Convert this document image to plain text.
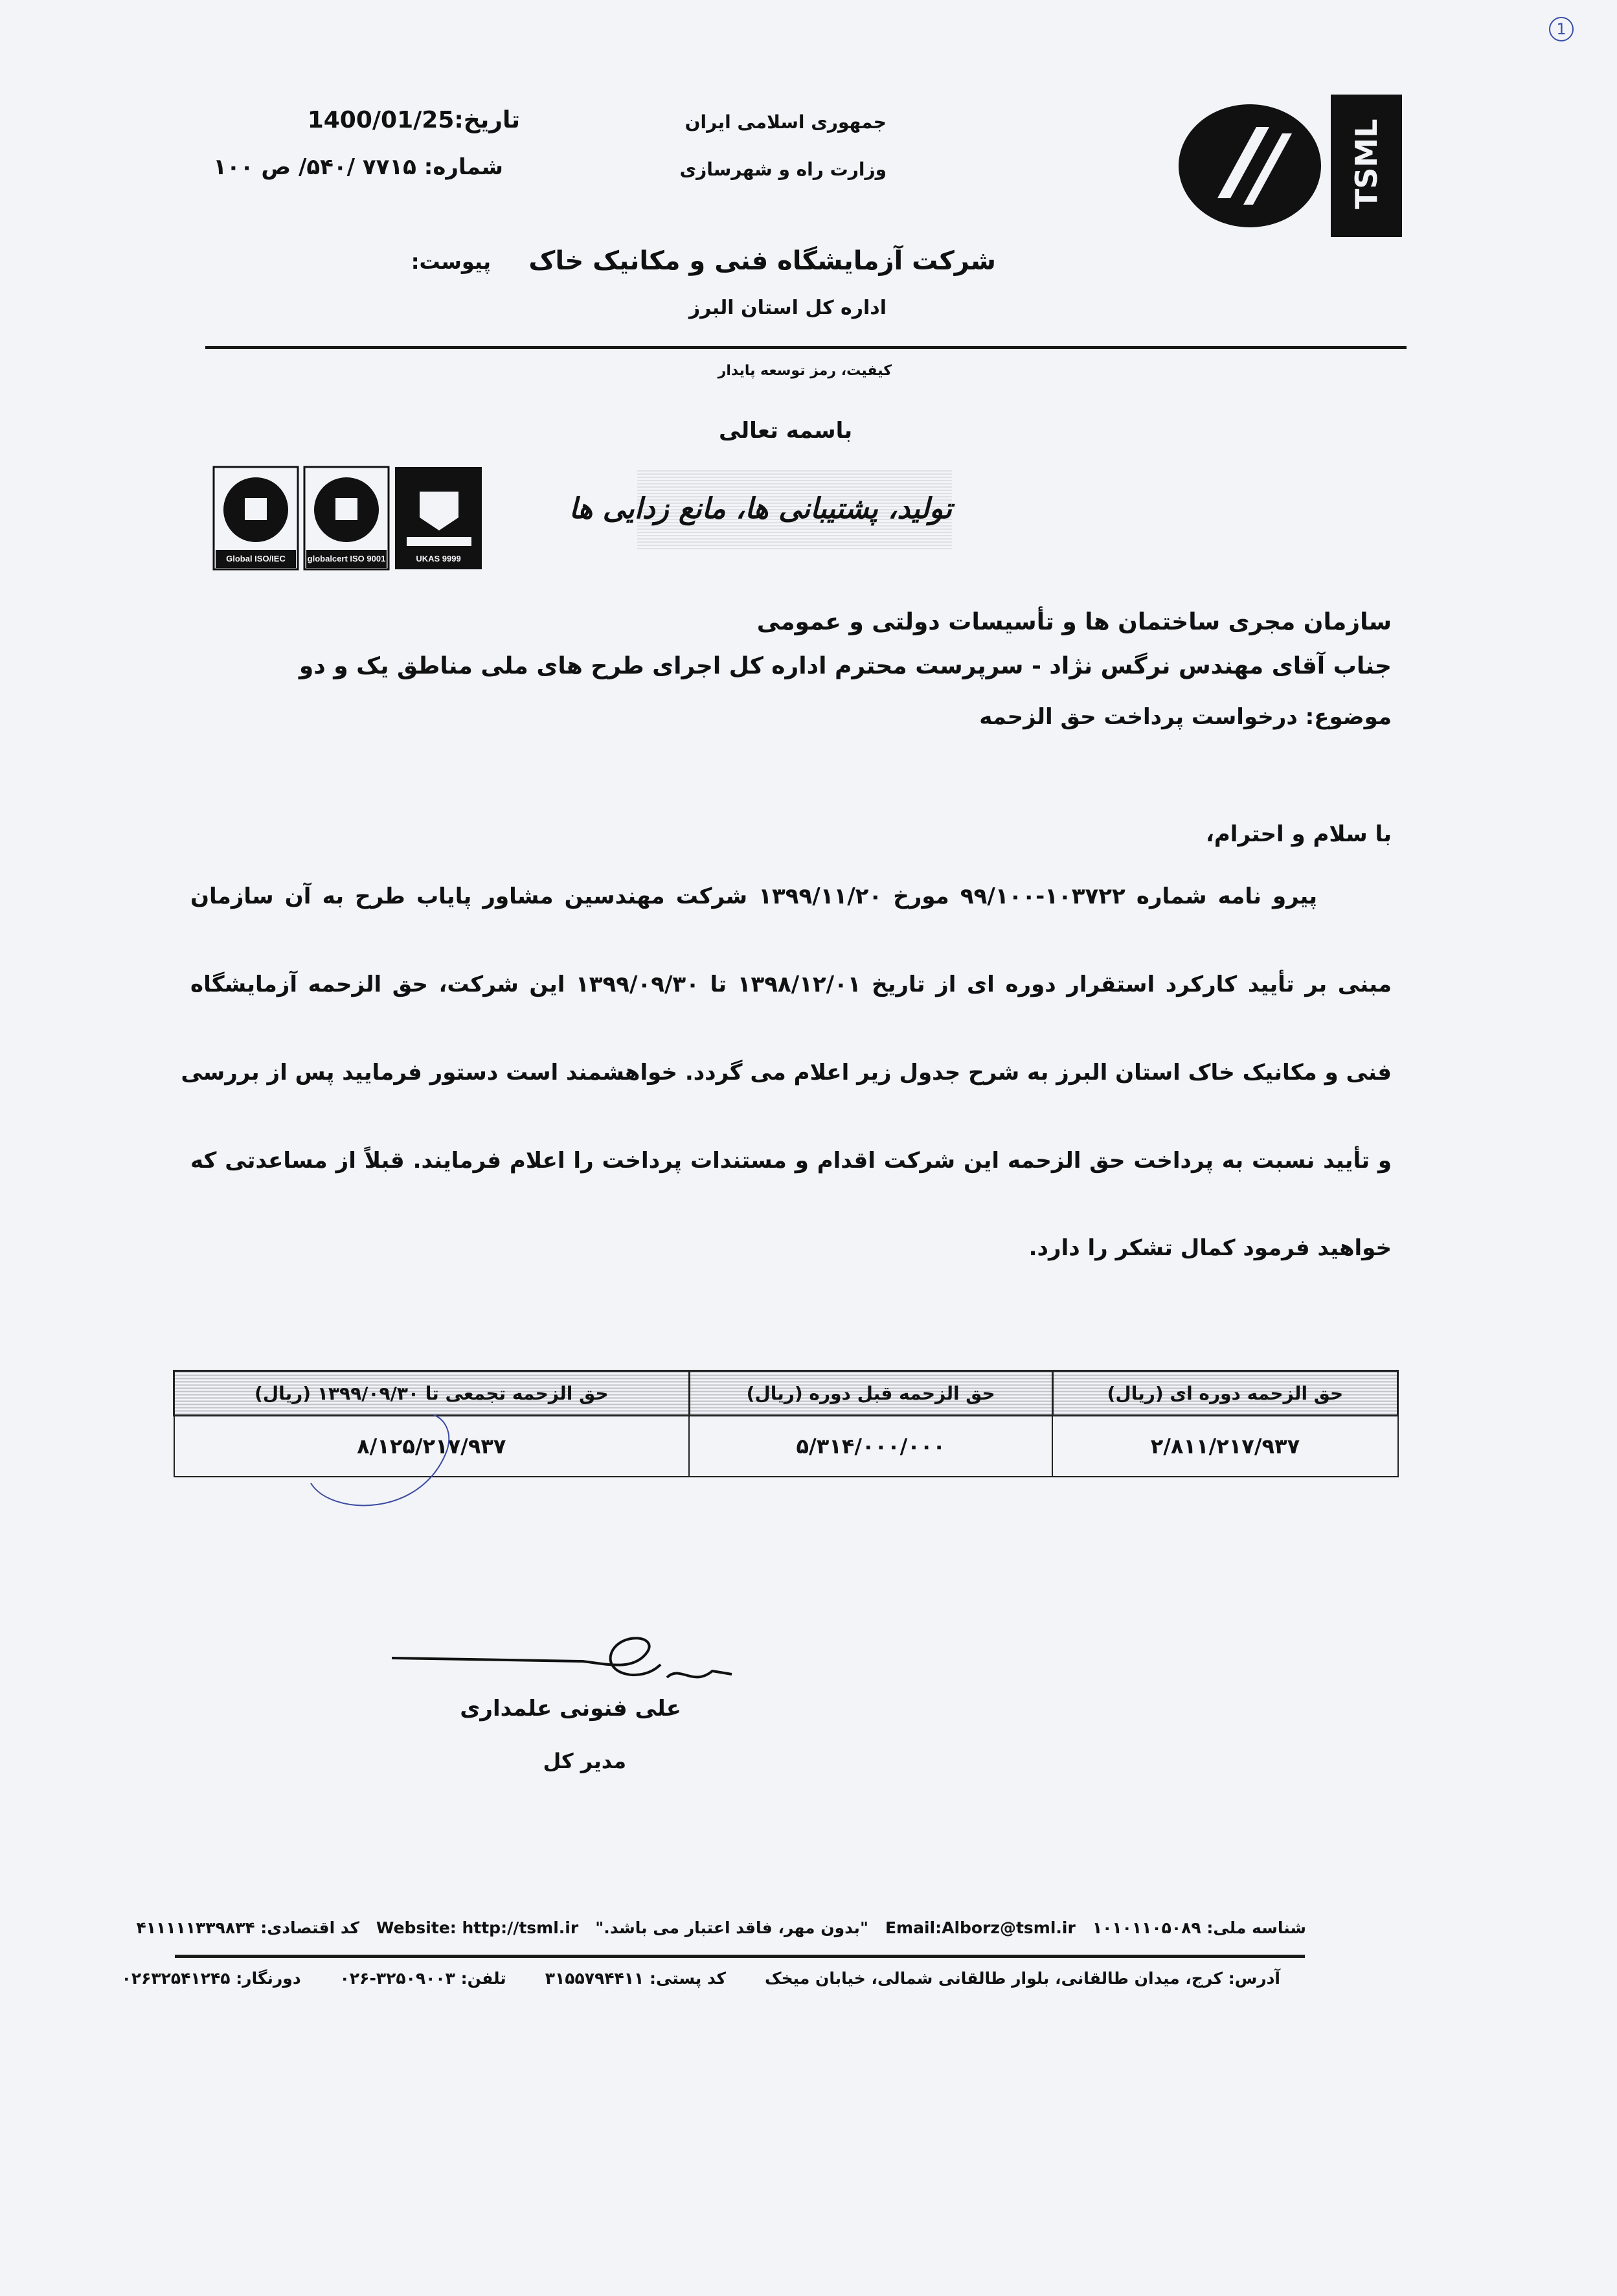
1
TSML
جمهوری اسلامی ایران
وزارت راه و شهرسازی
تاریخ:1400/01/25
شماره: ۷۷۱۵ /۵۴۰/ ص ۱۰۰
شرکت آزمایشگاه فنی و مکانیک خاک
پیوست:
اداره کل استان البرز
کیفیت، رمز توسعه پایدار
باسمه تعالی
Global ISO/IEC	globalcert ISO 9001	UKAS 9999
تولید، پشتیبانی ها، مانع زدایی ها
سازمان مجری ساختمان ها و تأسیسات دولتی و عمومی
جناب آقای مهندس نرگس نژاد - سرپرست محترم اداره کل اجرای طرح های ملی مناطق یک و دو
موضوع: درخواست پرداخت حق الزحمه
با سلام و احترام،
پیرو نامه شماره ۱۰۳۷۲۲-۹۹/۱۰۰ مورخ ۱۳۹۹/۱۱/۲۰ شرکت مهندسین مشاور پایاب طرح به آن سازمان
مبنی بر تأیید کارکرد استقرار دوره ای از تاریخ ۱۳۹۸/۱۲/۰۱ تا ۱۳۹۹/۰۹/۳۰ این شرکت، حق الزحمه آزمایشگاه
فنی و مکانیک خاک استان البرز به شرح جدول زیر اعلام می گردد. خواهشمند است دستور فرمایید پس از بررسی
و تأیید نسبت به پرداخت حق الزحمه این شرکت اقدام و مستندات پرداخت را اعلام فرمایند. قبلاً از مساعدتی که
خواهید فرمود کمال تشکر را دارد.
حق الزحمه دوره ای (ریال)	حق الزحمه قبل دوره (ریال)	حق الزحمه تجمعی تا ۱۳۹۹/۰۹/۳۰ (ریال)
۲/۸۱۱/۲۱۷/۹۳۷	۵/۳۱۴/۰۰۰/۰۰۰	۸/۱۲۵/۲۱۷/۹۳۷
علی فنونی علمداری
مدیر کل
شناسه ملی: ۱۰۱۰۱۱۰۵۰۸۹
Email:Alborz@tsml.ir
"بدون مهر، فاقد اعتبار می باشد."
Website: http://tsml.ir
کد اقتصادی: ۴۱۱۱۱۱۳۳۹۸۳۴
آدرس: کرج، میدان طالقانی، بلوار طالقانی شمالی، خیابان میخک
کد پستی: ۳۱۵۵۷۹۴۴۱۱
تلفن: ۳۲۵۰۹۰۰۳-۰۲۶
دورنگار: ۰۲۶۳۲۵۴۱۲۴۵
